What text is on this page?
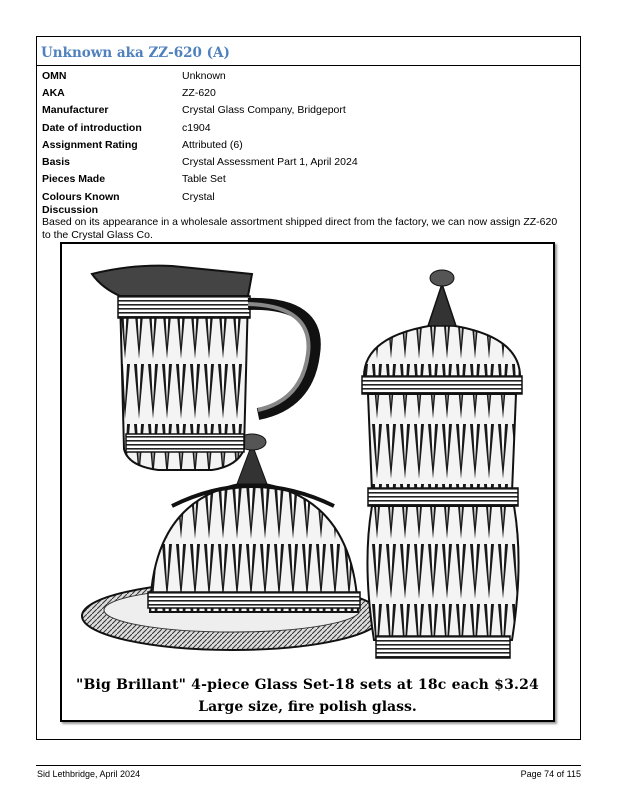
Unknown aka ZZ-620 (A)
OMN	Unknown
AKA	ZZ-620
Manufacturer	Crystal Glass Company, Bridgeport
Date of introduction	c1904
Assignment Rating	Attributed (6)
Basis	Crystal Assessment Part 1, April 2024
Pieces Made	Table Set
Colours Known	Crystal
Discussion
Based on its appearance in a wholesale assortment shipped direct from the factory, we can now assign ZZ-620 to the Crystal Glass Co.
"Big Brillant" 4-piece Glass Set-18 sets at 18c each $3.24
Large size, fire polish glass.
Sid Lethbridge, April 2024	Page 74 of 115
